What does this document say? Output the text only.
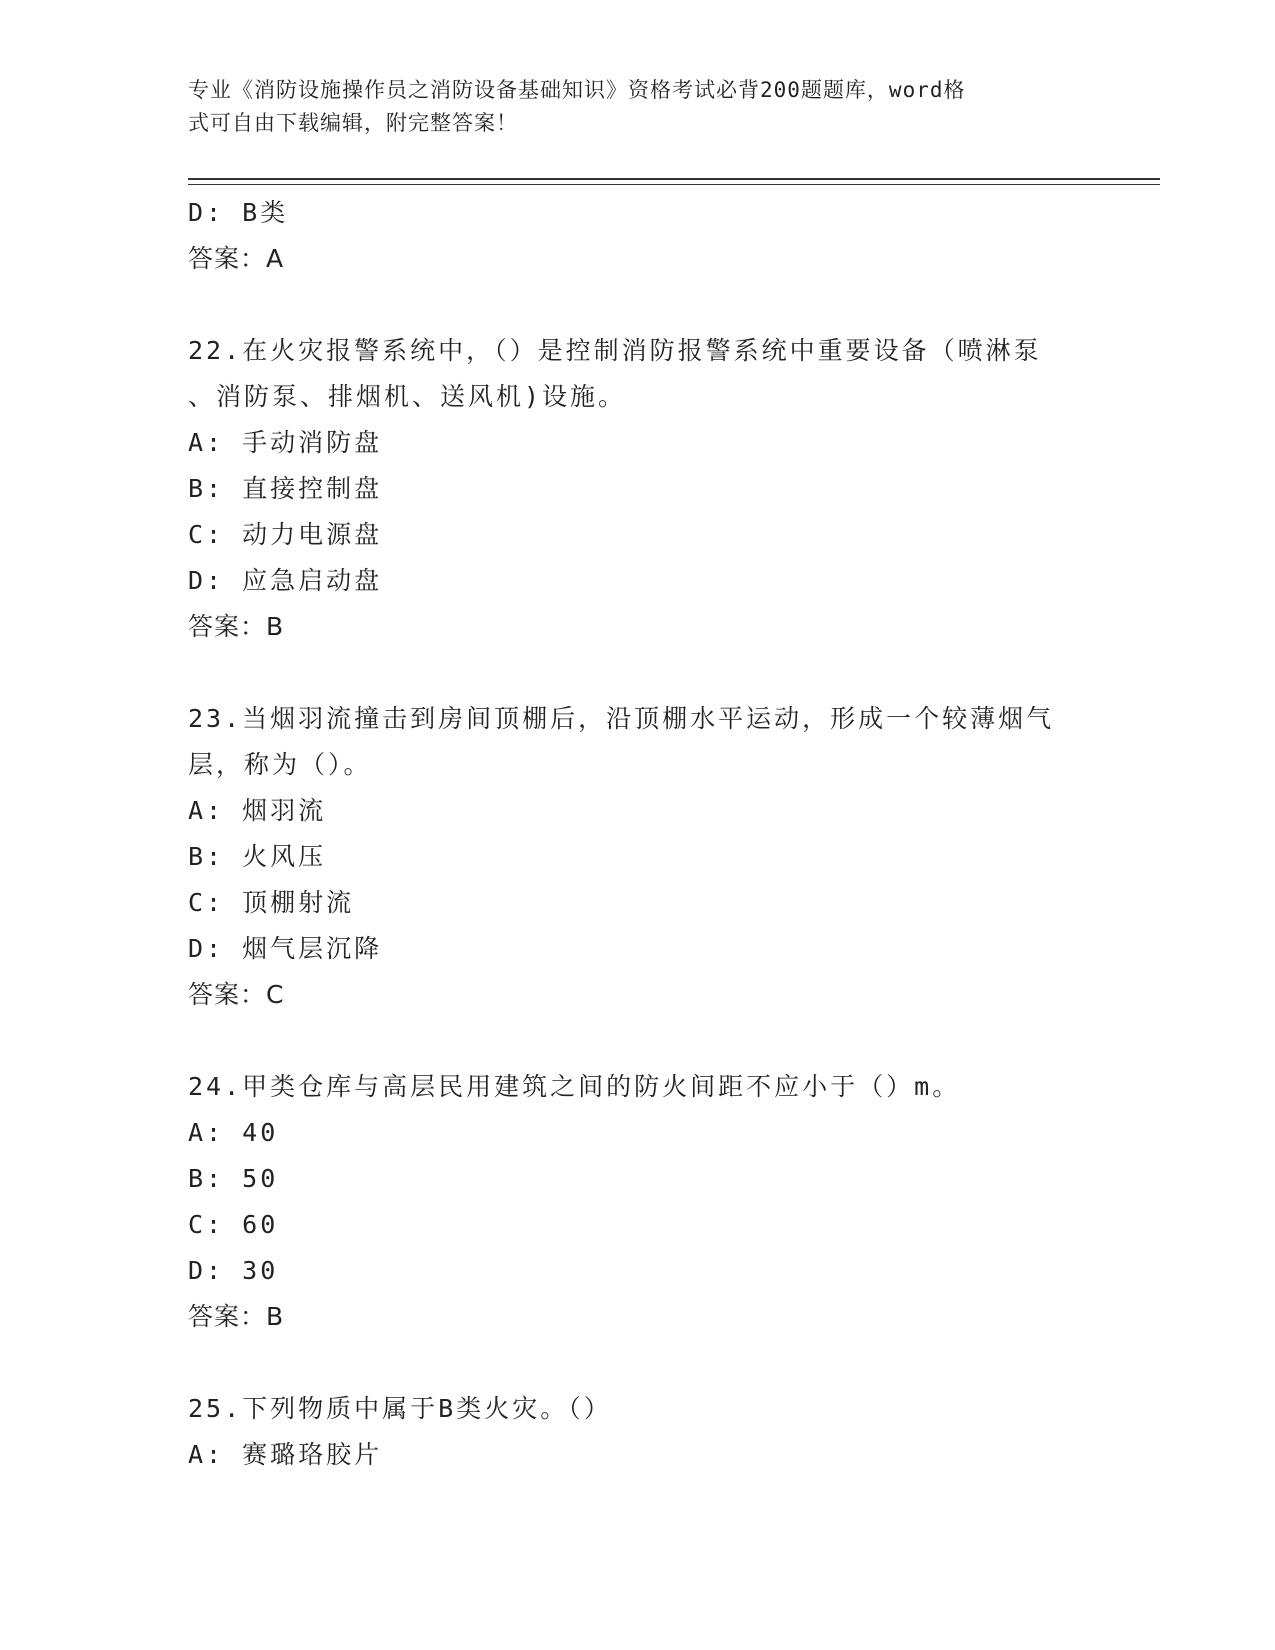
专业《消防设施操作员之消防设备基础知识》资格考试必背200题题库，word格
式可自由下载编辑，附完整答案！
D: B类
答案：A
22.在火灾报警系统中，（）是控制消防报警系统中重要设备（喷淋泵
、消防泵、排烟机、送风机)设施。
A: 手动消防盘
B: 直接控制盘
C: 动力电源盘
D: 应急启动盘
答案：B
23.当烟羽流撞击到房间顶棚后，沿顶棚水平运动，形成一个较薄烟气
层，称为（）。
A: 烟羽流
B: 火风压
C: 顶棚射流
D: 烟气层沉降
答案：C
24.甲类仓库与高层民用建筑之间的防火间距不应小于（）m。
A: 40
B: 50
C: 60
D: 30
答案：B
25.下列物质中属于B类火灾。（）
A: 赛璐珞胶片
